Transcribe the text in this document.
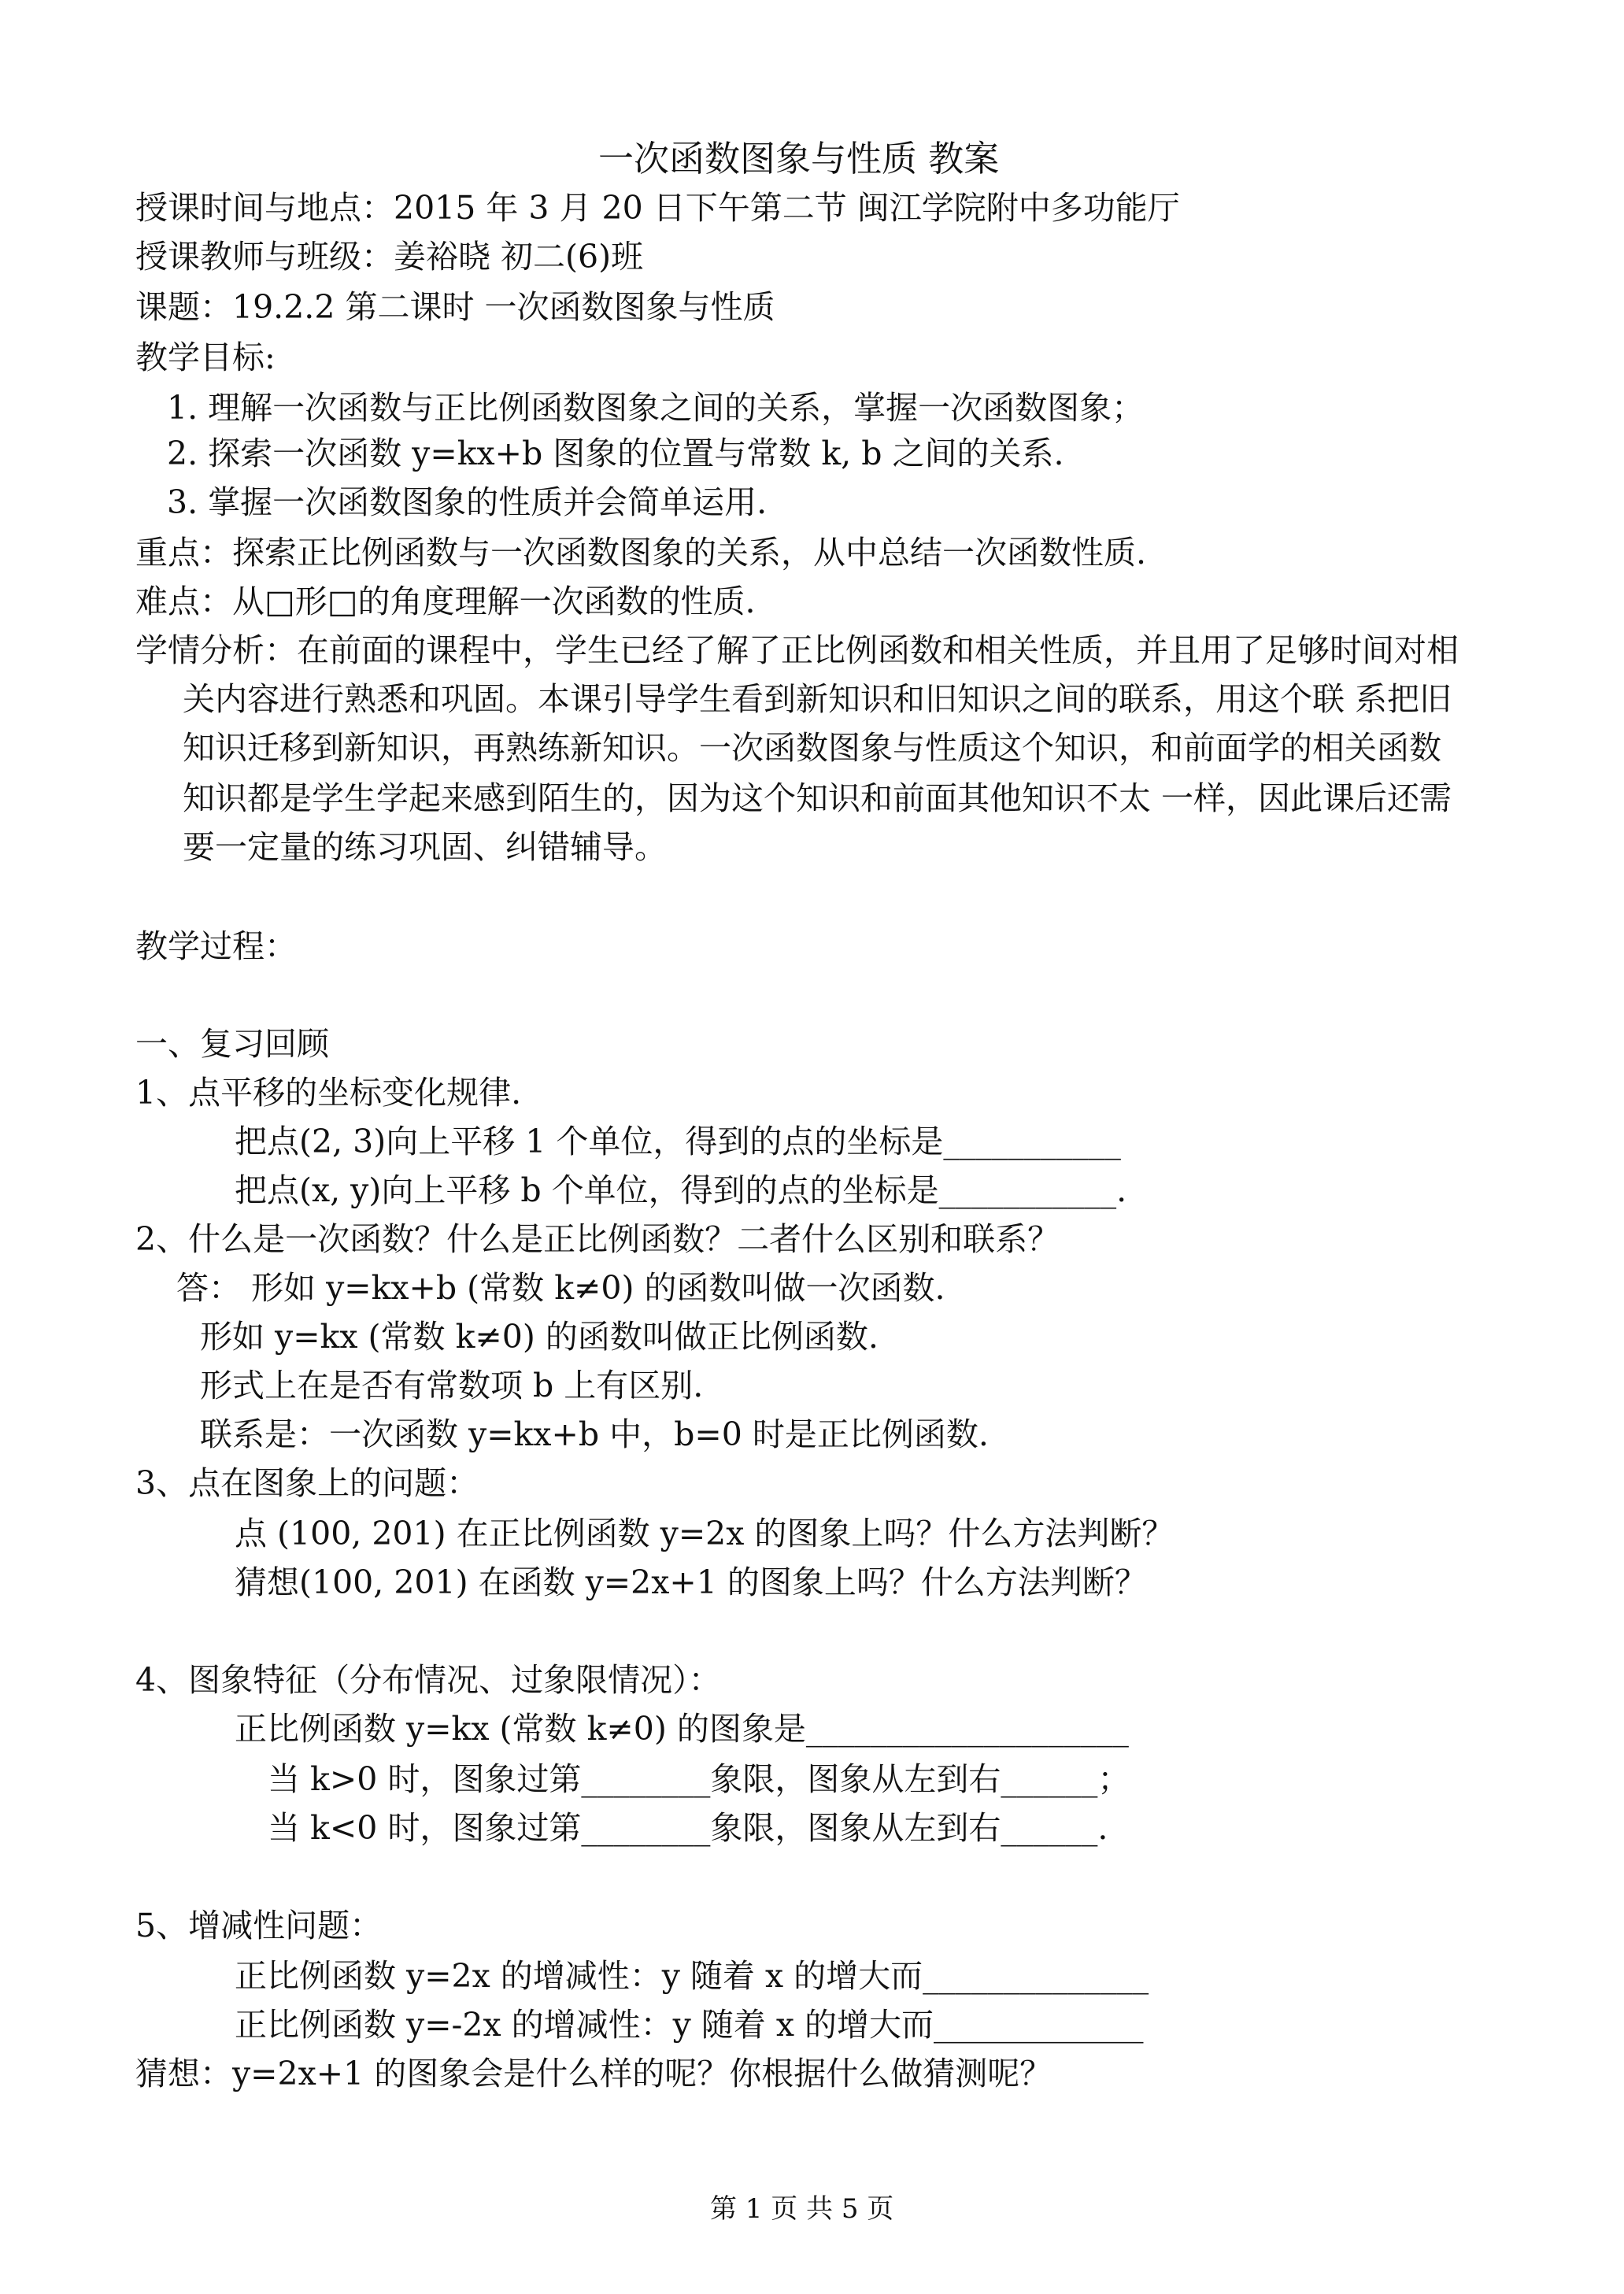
一次函数图象与性质 教案
授课时间与地点：2015 年 3 月 20 日下午第二节 闽江学院附中多功能厅
授课教师与班级：姜裕晓 初二(6)班
课题：19.2.2 第二课时 一次函数图象与性质
教学目标:
1. 理解一次函数与正比例函数图象之间的关系，掌握一次函数图象；
2. 探索一次函数 y=kx+b 图象的位置与常数 k, b 之间的关系.
3. 掌握一次函数图象的性质并会简单运用.
重点：探索正比例函数与一次函数图象的关系，从中总结一次函数性质.
难点：从□形□的角度理解一次函数的性质.
学情分析：在前面的课程中，学生已经了解了正比例函数和相关性质，并且用了足够时间对相
关内容进行熟悉和巩固。本课引导学生看到新知识和旧知识之间的联系，用这个联 系把旧
知识迁移到新知识，再熟练新知识。一次函数图象与性质这个知识，和前面学的相关函数
知识都是学生学起来感到陌生的，因为这个知识和前面其他知识不太 一样，因此课后还需
要一定量的练习巩固、纠错辅导。
教学过程：
一、复习回顾
1、点平移的坐标变化规律.
把点(2, 3)向上平移 1 个单位，得到的点的坐标是___________
把点(x, y)向上平移 b 个单位，得到的点的坐标是___________.
2、什么是一次函数？什么是正比例函数？二者什么区别和联系？
答： 形如 y=kx+b (常数 k≠0) 的函数叫做一次函数.
形如 y=kx (常数 k≠0) 的函数叫做正比例函数.
形式上在是否有常数项 b 上有区别.
联系是：一次函数 y=kx+b 中，b=0 时是正比例函数.
3、点在图象上的问题：
点 (100, 201) 在正比例函数 y=2x 的图象上吗？什么方法判断？
猜想(100, 201) 在函数 y=2x+1 的图象上吗？什么方法判断？
4、图象特征（分布情况、过象限情况）：
正比例函数 y=kx (常数 k≠0) 的图象是____________________
当 k>0 时，图象过第________象限，图象从左到右______；
当 k<0 时，图象过第________象限，图象从左到右______.
5、增减性问题：
正比例函数 y=2x 的增减性：y 随着 x 的增大而______________
正比例函数 y=-2x 的增减性：y 随着 x 的增大而_____________
猜想：y=2x+1 的图象会是什么样的呢？你根据什么做猜测呢？
第 1 页 共 5 页
